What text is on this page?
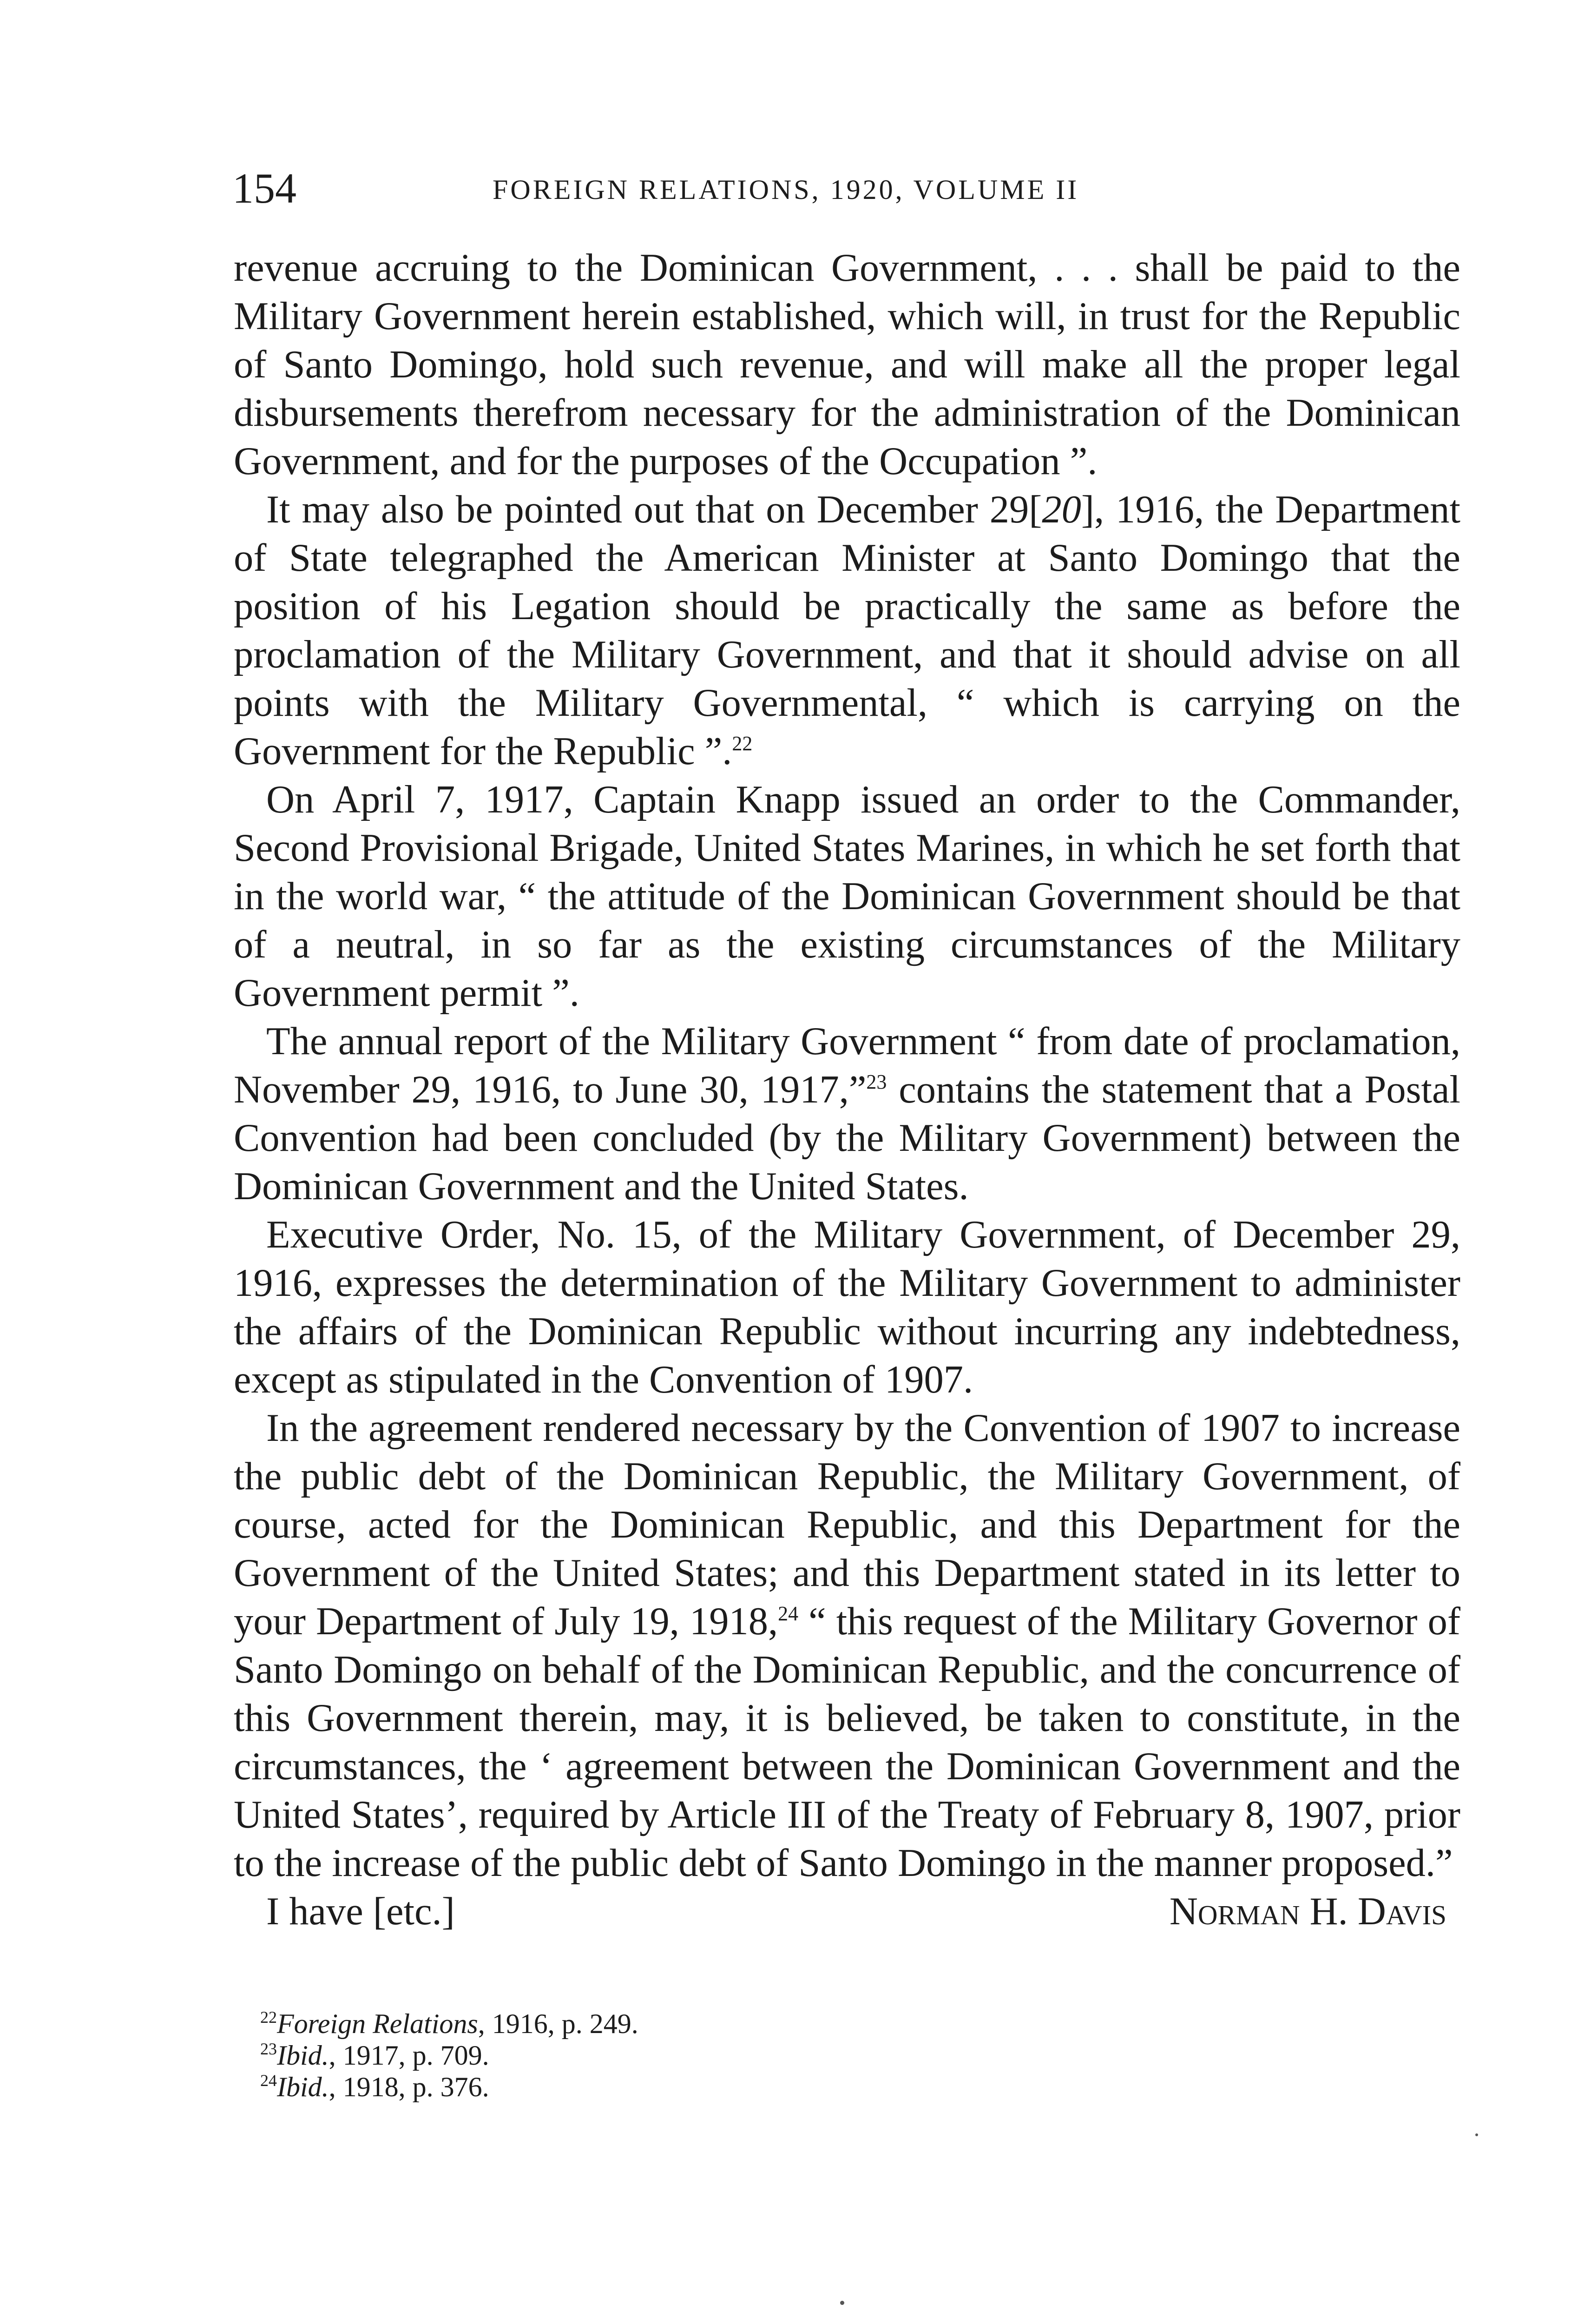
154	FOREIGN RELATIONS, 1920, VOLUME II

revenue accruing to the Dominican Government, . . . shall be paid to the Military Government herein established, which will, in trust for the Republic of Santo Domingo, hold such revenue, and will make all the proper legal disbursements therefrom necessary for the administration of the Dominican Government, and for the purposes of the Occupation ”.

It may also be pointed out that on December 29[20], 1916, the Department of State telegraphed the American Minister at Santo Domingo that the position of his Legation should be practically the same as before the proclamation of the Military Government, and that it should advise on all points with the Military Governmental, “ which is carrying on the Government for the Republic ”.$^{22}$

On April 7, 1917, Captain Knapp issued an order to the Commander, Second Provisional Brigade, United States Marines, in which he set forth that in the world war, “ the attitude of the Dominican Government should be that of a neutral, in so far as the existing circumstances of the Military Government permit ”.

The annual report of the Military Government “ from date of proclamation, November 29, 1916, to June 30, 1917,”$^{23}$ contains the statement that a Postal Convention had been concluded (by the Military Government) between the Dominican Government and the United States.

Executive Order, No. 15, of the Military Government, of December 29, 1916, expresses the determination of the Military Government to administer the affairs of the Dominican Republic without incurring any indebtedness, except as stipulated in the Convention of 1907.

In the agreement rendered necessary by the Convention of 1907 to increase the public debt of the Dominican Republic, the Military Government, of course, acted for the Dominican Republic, and this Department for the Government of the United States; and this Department stated in its letter to your Department of July 19, 1918,24 “ this request of the Military Governor of Santo Domingo on behalf of the Dominican Republic, and the concurrence of this Government therein, may, it is believed, be taken to constitute, in the circumstances, the ‘ agreement between the Dominican Government and the United States’, required by Article III of the Treaty of February 8, 1907, prior to the increase of the public debt of Santo Domingo in the manner proposed.”

I have [etc.]	Norman H. Davis

$^{22}$Foreign Relations, 1916, p. 249.

$^{23}$Ibid., 1917, p. 709.

$^{24}$Ibid., 1918, p. 376.
